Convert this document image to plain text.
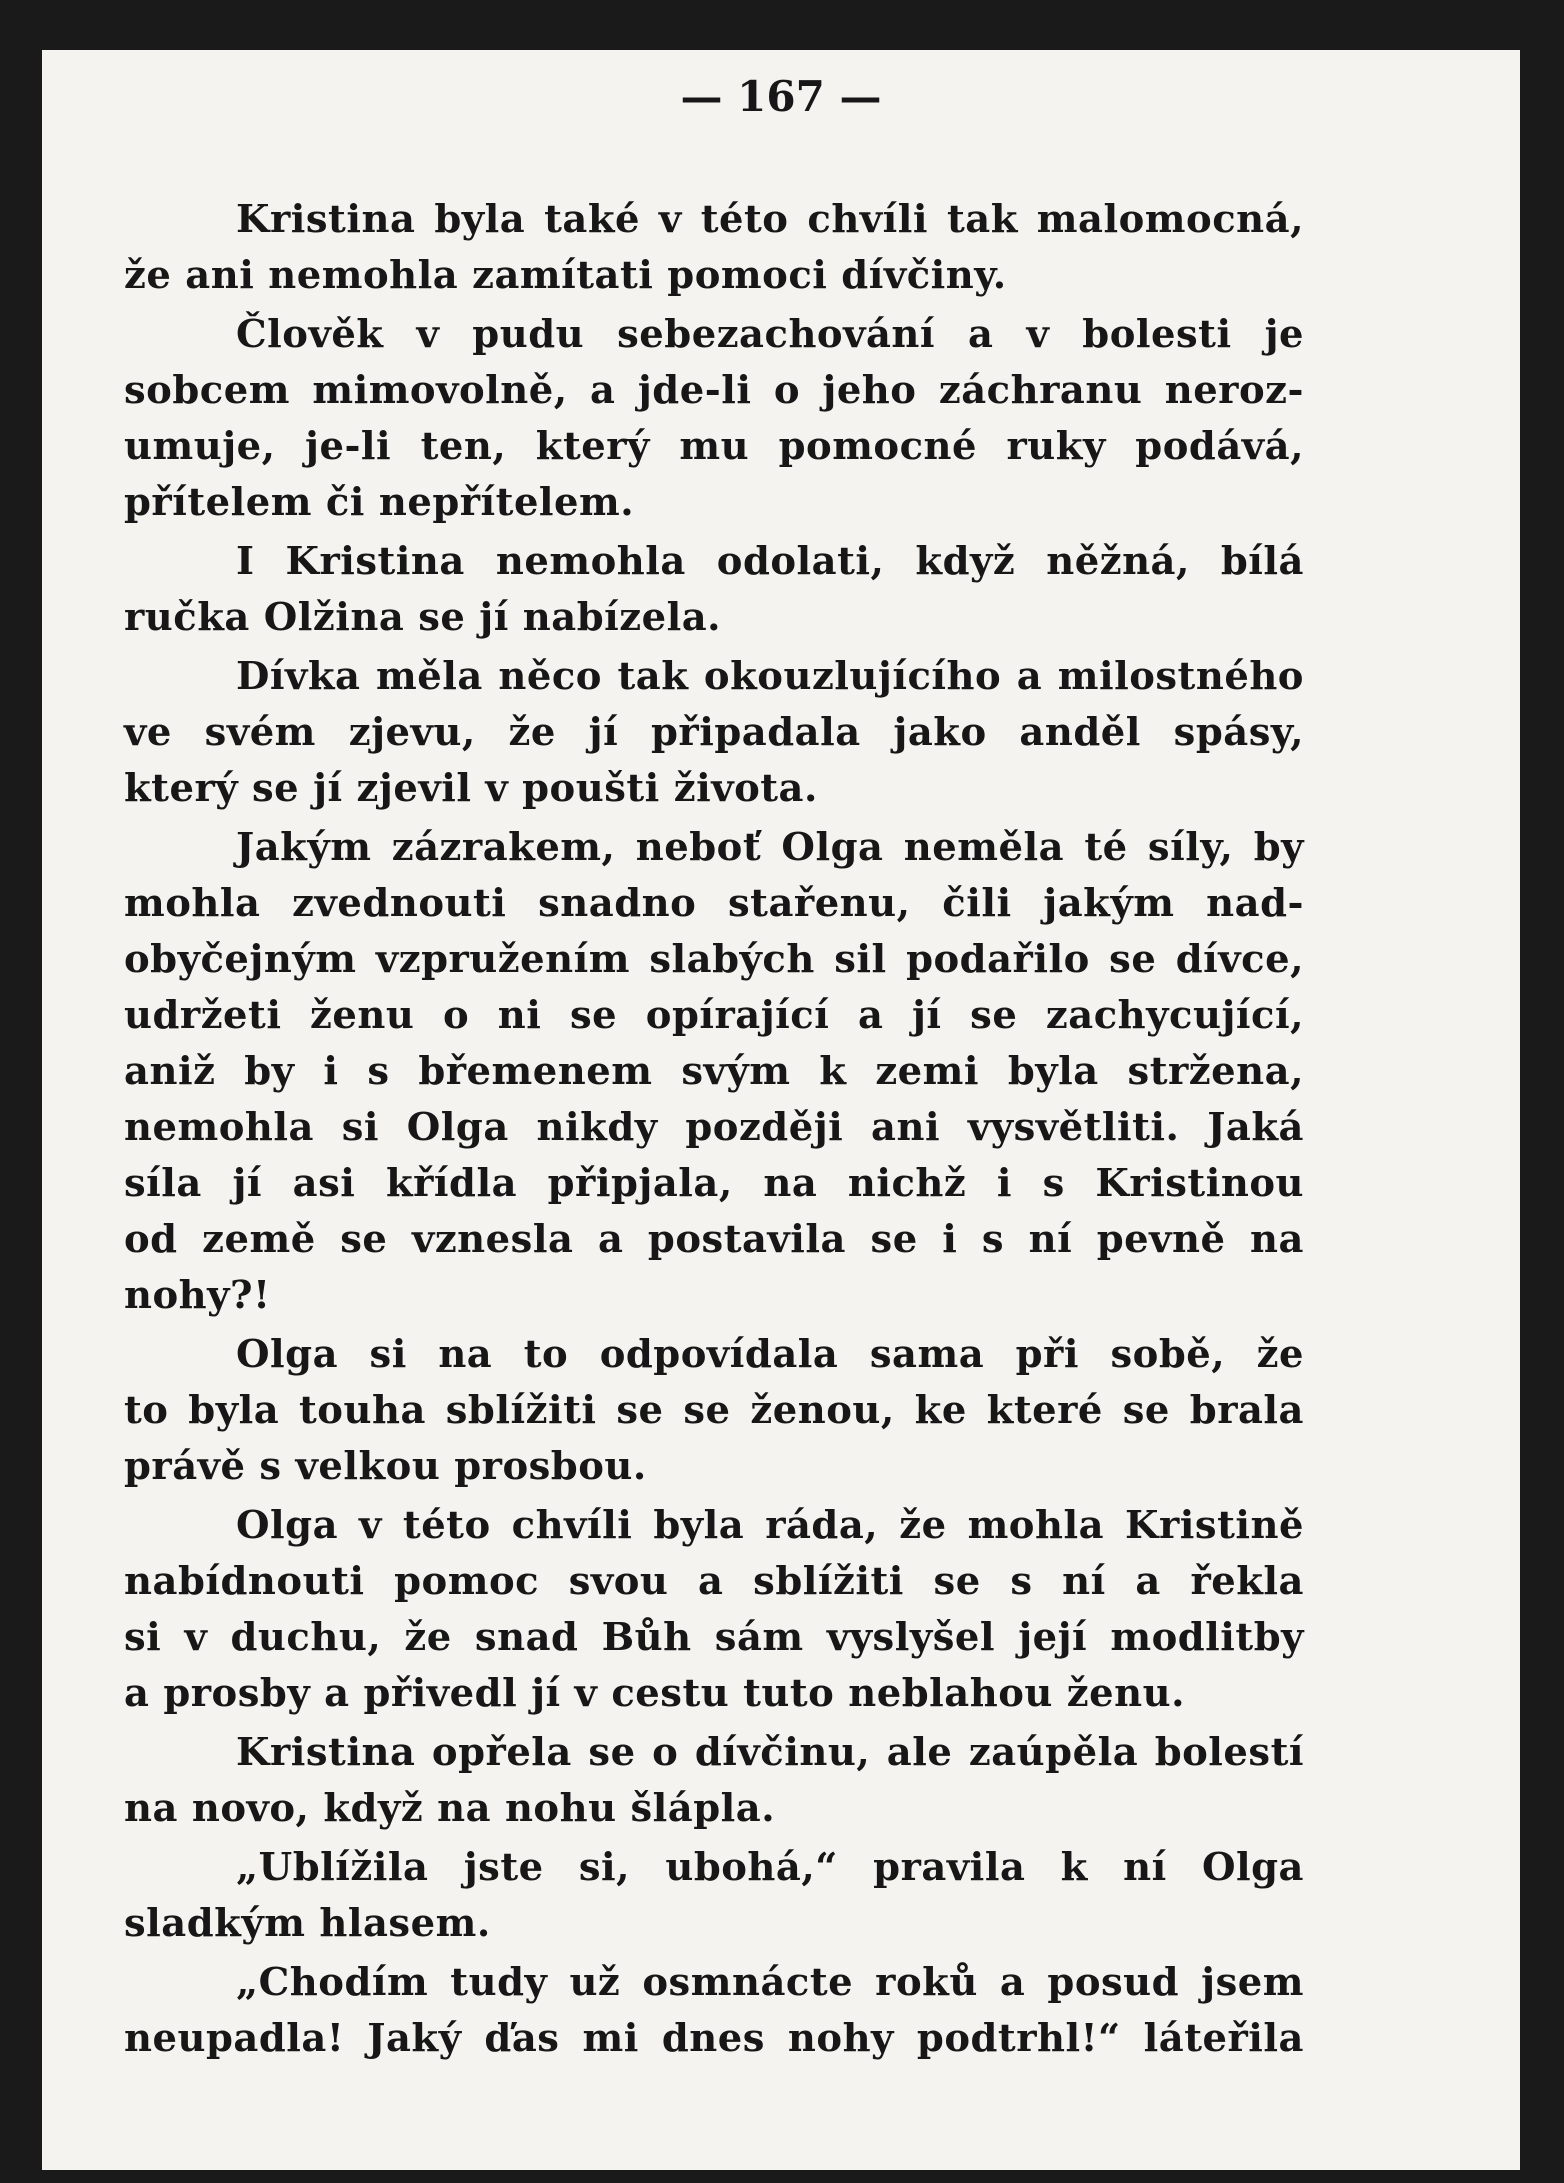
— 167 —
Kristina byla také v této chvíli tak malomocná,
že ani nemohla zamítati pomoci dívčiny.
Člověk v pudu sebezachování a v bolesti je
sobcem mimovolně, a jde-li o jeho záchranu neroz-
umuje, je-li ten, který mu pomocné ruky podává,
přítelem či nepřítelem.
I Kristina nemohla odolati, když něžná, bílá
ručka Olžina se jí nabízela.
Dívka měla něco tak okouzlujícího a milostného
ve svém zjevu, že jí připadala jako anděl spásy,
který se jí zjevil v poušti života.
Jakým zázrakem, neboť Olga neměla té síly, by
mohla zvednouti snadno stařenu, čili jakým nad-
obyčejným vzpružením slabých sil podařilo se dívce,
udržeti ženu o ni se opírající a jí se zachycující,
aniž by i s břemenem svým k zemi byla stržena,
nemohla si Olga nikdy později ani vysvětliti. Jaká
síla jí asi křídla připjala, na nichž i s Kristinou
od země se vznesla a postavila se i s ní pevně na
nohy?!
Olga si na to odpovídala sama při sobě, že
to byla touha sblížiti se se ženou, ke které se brala
právě s velkou prosbou.
Olga v této chvíli byla ráda, že mohla Kristině
nabídnouti pomoc svou a sblížiti se s ní a řekla
si v duchu, že snad Bůh sám vyslyšel její modlitby
a prosby a přivedl jí v cestu tuto neblahou ženu.
Kristina opřela se o dívčinu, ale zaúpěla bolestí
na novo, když na nohu šlápla.
„Ublížila jste si, ubohá,“ pravila k ní Olga
sladkým hlasem.
„Chodím tudy už osmnácte roků a posud jsem
neupadla! Jaký ďas mi dnes nohy podtrhl!“ láteřila
